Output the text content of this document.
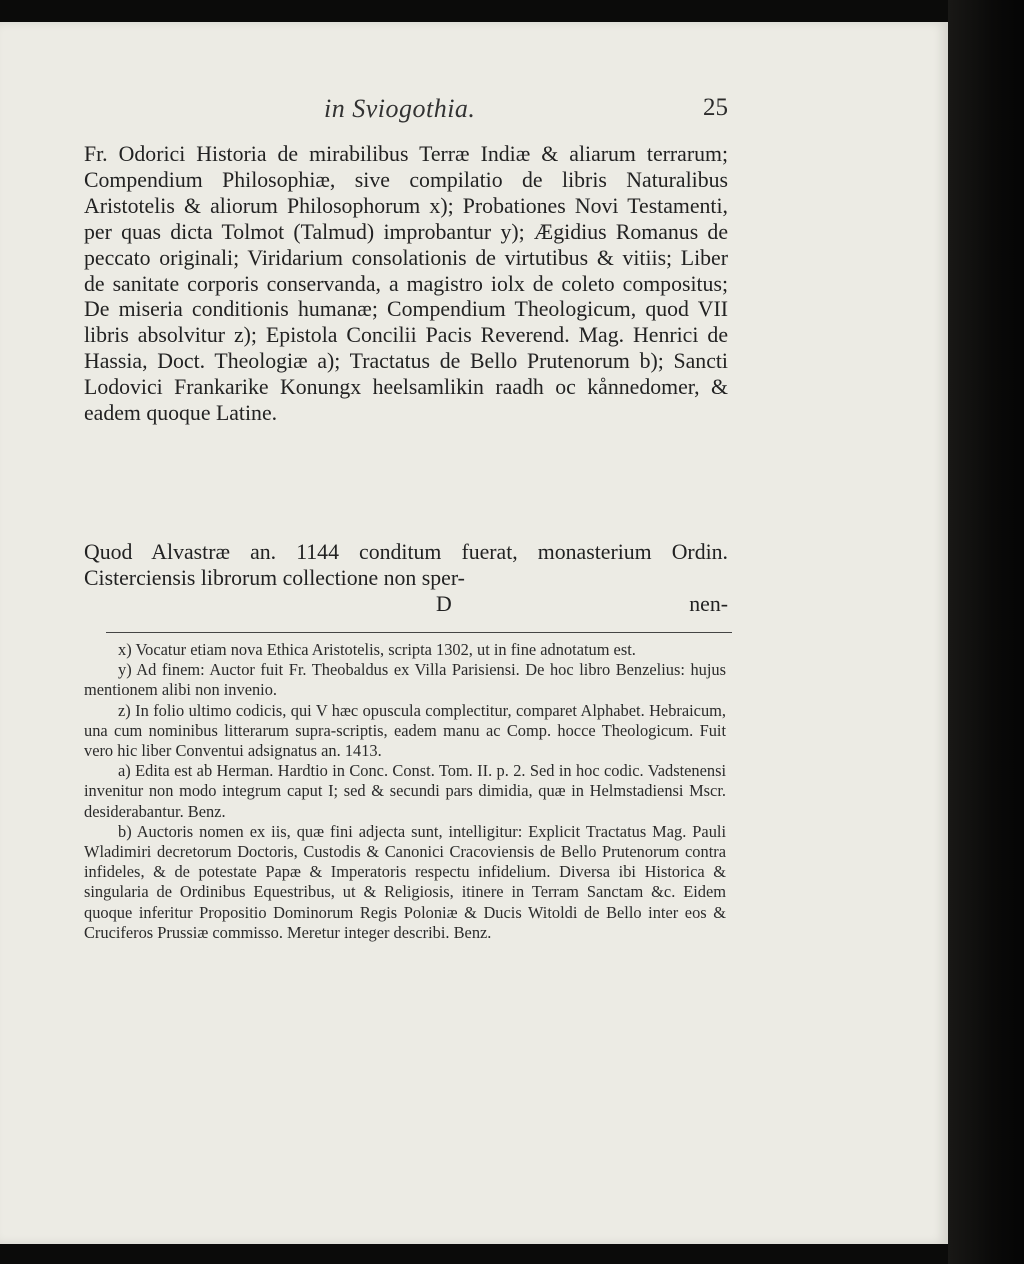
in Sviogothia.	25

Fr. Odorici Historia de mirabilibus Terræ Indiæ & aliarum terrarum; Compendium Philosophiæ, sive compilatio de libris Naturalibus Aristotelis & aliorum Philosophorum x); Probationes Novi Testamenti, per quas dicta Tolmot (Talmud) improbantur y); Ægidius Romanus de peccato originali; Viridarium consolationis de virtutibus & vitiis; Liber de sanitate corporis conservanda, a magistro iolx de coleto compositus; De miseria conditionis humanæ; Compendium Theologicum, quod VII libris absolvitur z); Epistola Concilii Pacis Reverend. Mag. Henrici de Hassia, Doct. Theologiæ a); Tractatus de Bello Prutenorum b); Sancti Lodovici Frankarike Konungx heelsamlikin raadh oc kånnedomer, & eadem quoque Latine.

Quod Alvastræ an. 1144 conditum fuerat, monasterium Ordin. Cisterciensis librorum collectione non sper-

D	nen-

x) Vocatur etiam nova Ethica Aristotelis, scripta 1302, ut in fine adnotatum est.

y) Ad finem: Auctor fuit Fr. Theobaldus ex Villa Parisiensi. De hoc libro Benzelius: hujus mentionem alibi non invenio.

z) In folio ultimo codicis, qui V hæc opuscula complectitur, comparet Alphabet. Hebraicum, una cum nominibus litterarum supra-scriptis, eadem manu ac Comp. hocce Theologicum. Fuit vero hic liber Conventui adsignatus an. 1413.

a) Edita est ab Herman. Hardtio in Conc. Const. Tom. II. p. 2. Sed in hoc codic. Vadstenensi invenitur non modo integrum caput I; sed & secundi pars dimidia, quæ in Helmstadiensi Mscr. desiderabantur. Benz.

b) Auctoris nomen ex iis, quæ fini adjecta sunt, intelligitur: Explicit Tractatus Mag. Pauli Wladimiri decretorum Doctoris, Custodis & Canonici Cracoviensis de Bello Prutenorum contra infideles, & de potestate Papæ & Imperatoris respectu infidelium. Diversa ibi Historica & singularia de Ordinibus Equestribus, ut & Religiosis, itinere in Terram Sanctam &c. Eidem quoque inferitur Propositio Dominorum Regis Poloniæ & Ducis Witoldi de Bello inter eos & Cruciferos Prussiæ commisso. Meretur integer describi. Benz.
